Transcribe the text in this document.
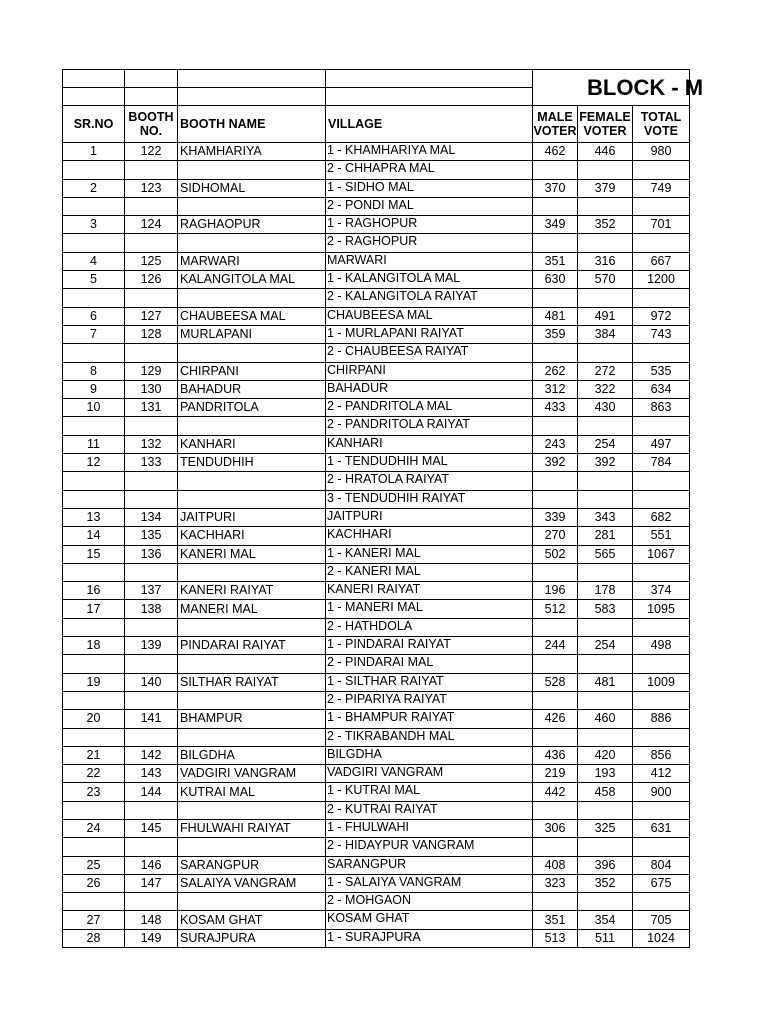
				BLOCK - M		

SR.NO	BOOTH NO.	BOOTH NAME	VILLAGE	MALE VOTER	FEMALE VOTER	TOTAL VOTE
1	122	KHAMHARIYA	1 - KHAMHARIYA MAL	462	446	980
			2 - CHHAPRA MAL			
2	123	SIDHOMAL	1 - SIDHO MAL	370	379	749
			2 - PONDI MAL			
3	124	RAGHAOPUR	1 - RAGHOPUR	349	352	701
			2 - RAGHOPUR			
4	125	MARWARI	MARWARI	351	316	667
5	126	KALANGITOLA MAL	1 - KALANGITOLA MAL	630	570	1200
			2 - KALANGITOLA RAIYAT			
6	127	CHAUBEESA MAL	CHAUBEESA MAL	481	491	972
7	128	MURLAPANI	1 - MURLAPANI RAIYAT	359	384	743
			2 - CHAUBEESA RAIYAT			
8	129	CHIRPANI	CHIRPANI	262	272	535
9	130	BAHADUR	BAHADUR	312	322	634
10	131	PANDRITOLA	2 - PANDRITOLA MAL	433	430	863
			2 - PANDRITOLA RAIYAT			
11	132	KANHARI	KANHARI	243	254	497
12	133	TENDUDHIH	1 - TENDUDHIH MAL	392	392	784
			2 - HRATOLA RAIYAT			
			3 - TENDUDHIH RAIYAT			
13	134	JAITPURI	JAITPURI	339	343	682
14	135	KACHHARI	KACHHARI	270	281	551
15	136	KANERI MAL	1 - KANERI MAL	502	565	1067
			2 - KANERI MAL			
16	137	KANERI RAIYAT	KANERI RAIYAT	196	178	374
17	138	MANERI MAL	1 - MANERI MAL	512	583	1095
			2 - HATHDOLA			
18	139	PINDARAI RAIYAT	1 - PINDARAI RAIYAT	244	254	498
			2 - PINDARAI MAL			
19	140	SILTHAR RAIYAT	1 - SILTHAR RAIYAT	528	481	1009
			2 - PIPARIYA RAIYAT			
20	141	BHAMPUR	1 - BHAMPUR RAIYAT	426	460	886
			2 - TIKRABANDH MAL			
21	142	BILGDHA	BILGDHA	436	420	856
22	143	VADGIRI VANGRAM	VADGIRI VANGRAM	219	193	412
23	144	KUTRAI MAL	1 - KUTRAI MAL	442	458	900
			2 - KUTRAI RAIYAT			
24	145	FHULWAHI RAIYAT	1 - FHULWAHI	306	325	631
			2 - HIDAYPUR VANGRAM			
25	146	SARANGPUR	SARANGPUR	408	396	804
26	147	SALAIYA VANGRAM	1 - SALAIYA VANGRAM	323	352	675
			2 - MOHGAON			
27	148	KOSAM GHAT	KOSAM GHAT	351	354	705
28	149	SURAJPURA	1 - SURAJPURA	513	511	1024
